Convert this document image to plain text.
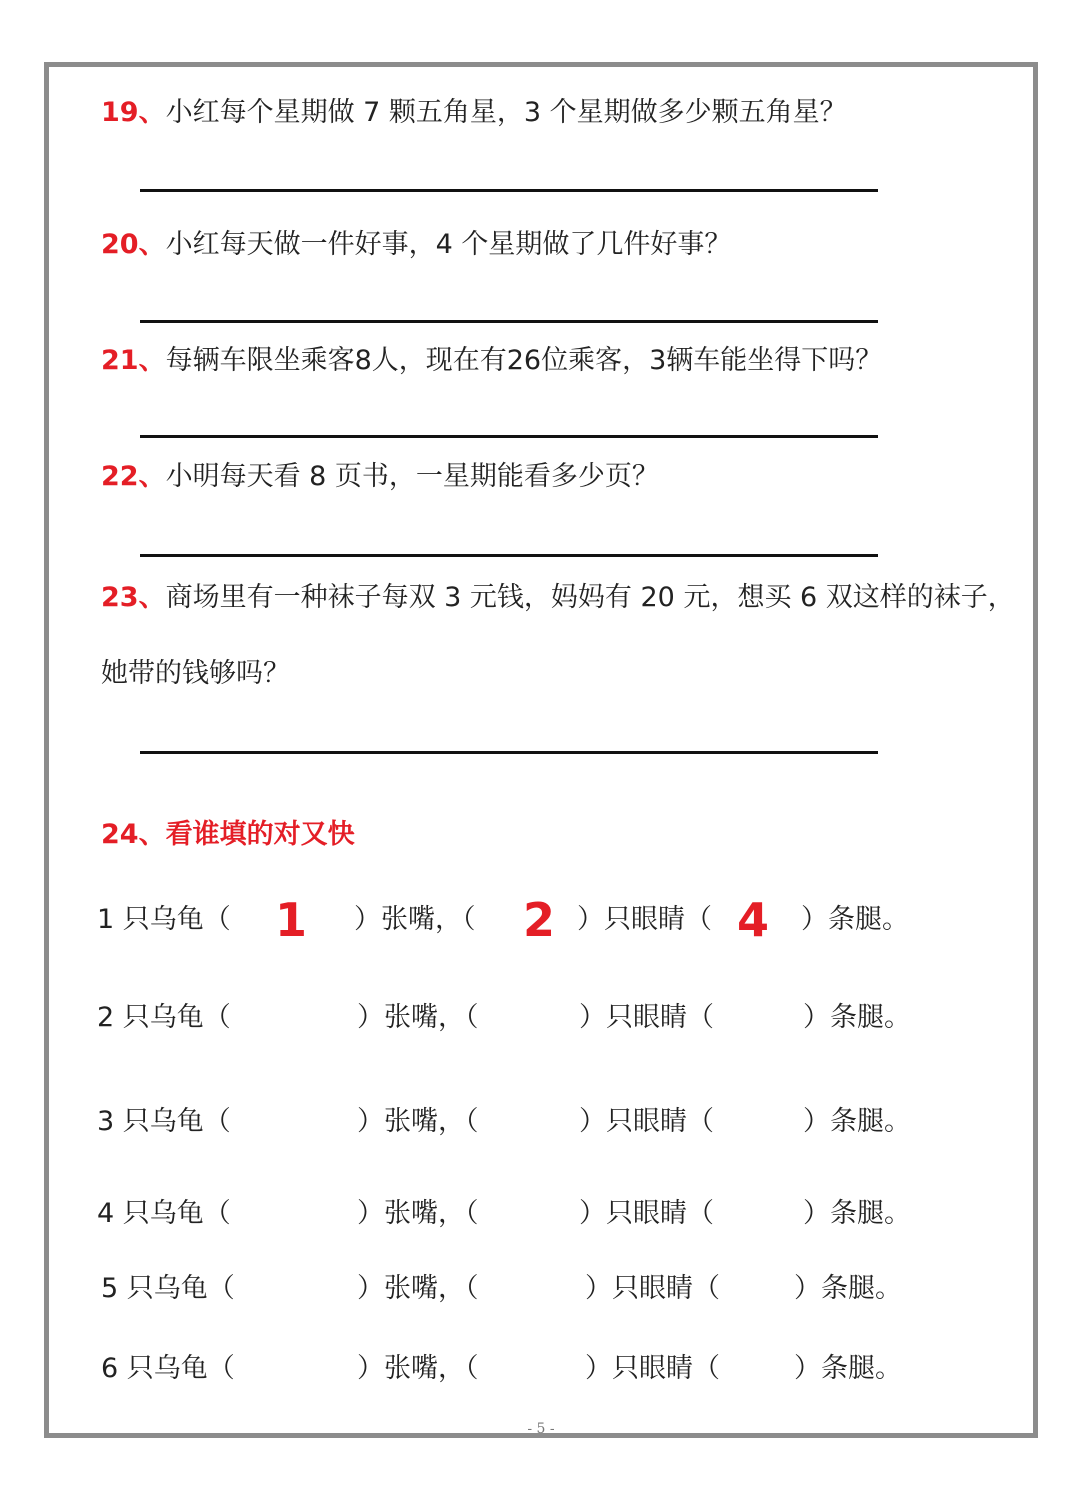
19、小红每个星期做 7 颗五角星，3 个星期做多少颗五角星？
20、小红每天做一件好事，4 个星期做了几件好事？
21、每辆车限坐乘客8人，现在有26位乘客，3辆车能坐得下吗？
22、小明每天看 8 页书，一星期能看多少页？
23、商场里有一种袜子每双 3 元钱，妈妈有 20 元，想买 6 双这样的袜子，
她带的钱够吗？
24、看谁填的对又快
1 只乌龟（ 1 ）张嘴，（ 2 ）只眼睛（ 4 ）条腿。
2 只乌龟（	）张嘴，（	）只眼睛（	）条腿。
3 只乌龟（	）张嘴，（	）只眼睛（	）条腿。
4 只乌龟（	）张嘴，（	）只眼睛（	）条腿。
5 只乌龟（	）张嘴，（	）只眼睛（	）条腿。
6 只乌龟（	）张嘴，（	）只眼睛（	）条腿。
- 5 -
